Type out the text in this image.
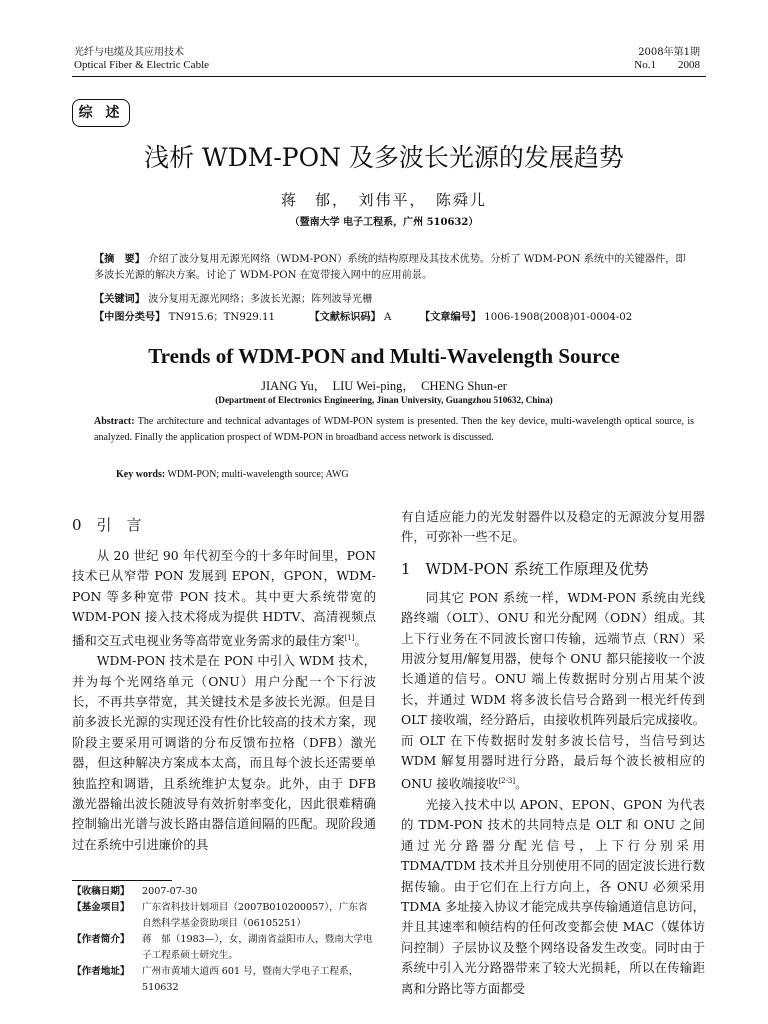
光纤与电缆及其应用技术
Optical Fiber & Electric Cable
2008年第1期
No.1　　2008
综 述
浅析 WDM-PON 及多波长光源的发展趋势
蒋　郁，　刘伟平，　陈舜儿
（暨南大学 电子工程系，广州 510632）
【摘　要】 介绍了波分复用无源光网络（WDM-PON）系统的结构原理及其技术优势。分析了 WDM-PON 系统中的关键器件，即多波长光源的解决方案。讨论了 WDM-PON 在宽带接入网中的应用前景。
【关键词】 波分复用无源光网络；多波长光源；阵列波导光栅
【中图分类号】 TN915.6；TN929.11	【文献标识码】 A	【文章编号】 1006-1908(2008)01-0004-02
Trends of WDM-PON and Multi-Wavelength Source
JIANG Yu，　LIU Wei-ping，　CHENG Shun-er
(Department of Electronics Engineering, Jinan University, Guangzhou 510632, China)
Abstract: The architecture and technical advantages of WDM-PON system is presented. Then the key device, multi-wavelength optical source, is analyzed. Finally the application prospect of WDM-PON in broadband access network is discussed.
Key words: WDM-PON; multi-wavelength source; AWG
0　引　言

从 20 世纪 90 年代初至今的十多年时间里，PON 技术已从窄带 PON 发展到 EPON，GPON，WDM-PON 等多种宽带 PON 技术。其中更大系统带宽的 WDM-PON 接入技术将成为提供 HDTV、高清视频点播和交互式电视业务等高带宽业务需求的最佳方案[1]。

WDM-PON 技术是在 PON 中引入 WDM 技术，并为每个光网络单元（ONU）用户分配一个下行波长，不再共享带宽，其关键技术是多波长光源。但是目前多波长光源的实现还没有性价比较高的技术方案，现阶段主要采用可调谐的分布反馈布拉格（DFB）激光器，但这种解决方案成本太高，而且每个波长还需要单独监控和调谐，且系统维护太复杂。此外，由于 DFB 激光器输出波长随波导有效折射率变化，因此很难精确控制输出光谱与波长路由器信道间隔的匹配。现阶段通过在系统中引进廉价的具

有自适应能力的光发射器件以及稳定的无源波分复用器件，可弥补一些不足。

1　WDM-PON 系统工作原理及优势

同其它 PON 系统一样，WDM-PON 系统由光线路终端（OLT）、ONU 和光分配网（ODN）组成。其上下行业务在不同波长窗口传输，远端节点（RN）采用波分复用/解复用器，使每个 ONU 都只能接收一个波长通道的信号。ONU 端上传数据时分别占用某个波长，并通过 WDM 将多波长信号合路到一根光纤传到 OLT 接收端，经分路后，由接收机阵列最后完成接收。而 OLT 在下传数据时发射多波长信号，当信号到达 WDM 解复用器时进行分路，最后每个波长被相应的 ONU 接收端接收[2-3]。

光接入技术中以 APON、EPON、GPON 为代表的 TDM-PON 技术的共同特点是 OLT 和 ONU 之间通过光分路器分配光信号，上下行分别采用 TDMA/TDM 技术并且分别使用不同的固定波长进行数据传输。由于它们在上行方向上，各 ONU 必须采用 TDMA 多址接入协议才能完成共享传输通道信息访问，并且其速率和帧结构的任何改变都会使 MAC（媒体访问控制）子层协议及整个网络设备发生改变。同时由于系统中引入光分路器带来了较大光损耗，所以在传输距离和分路比等方面都受

【收稿日期】	2007-07-30
【基金项目】	广东省科技计划项目（2007B010200057），广东省自然科学基金资助项目（06105251）
【作者简介】	蒋　郁（1983—），女，湖南省益阳市人，暨南大学电子工程系硕士研究生。
【作者地址】	广州市黄埔大道西 601 号，暨南大学电子工程系，510632
